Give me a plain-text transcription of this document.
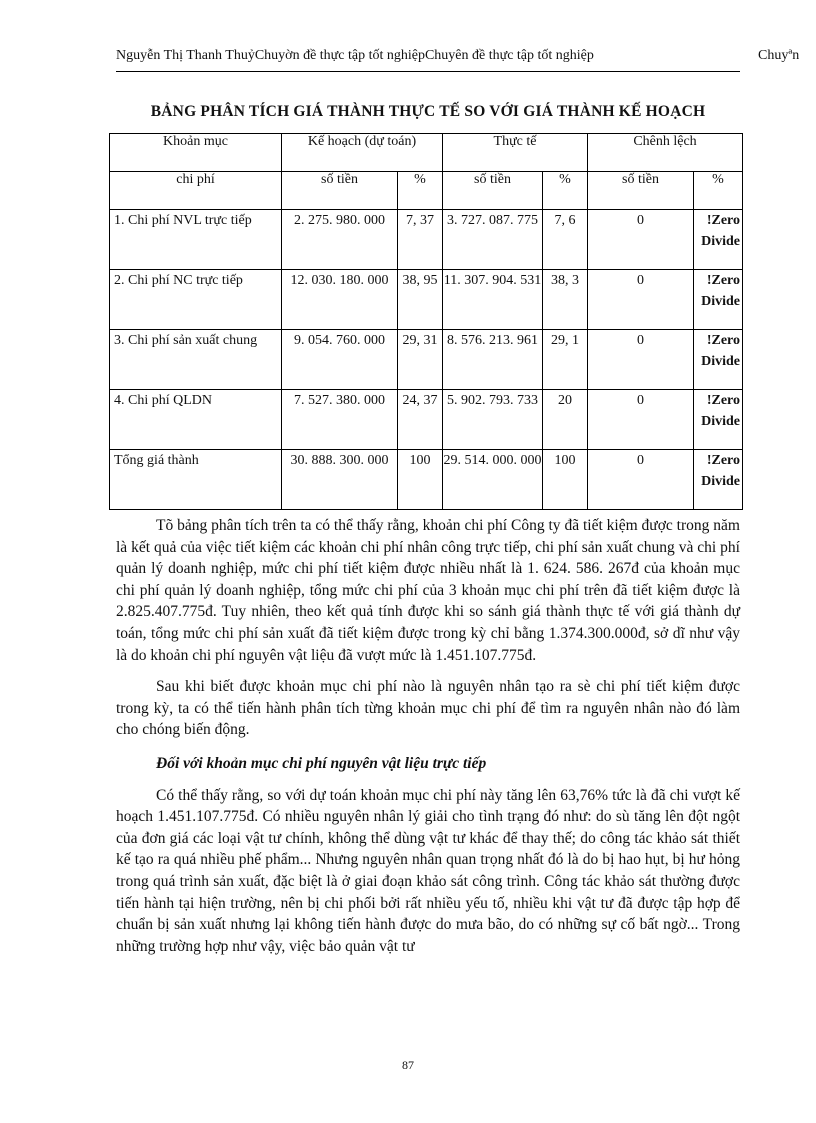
Nguyễn Thị Thanh ThuỷChuyờn đề thực tập tốt nghiệpChuyên đề thực tập tốt nghiệp	Chuyªn
BẢNG PHÂN TÍCH GIÁ THÀNH THỰC TẾ SO VỚI GIÁ THÀNH KẾ HOẠCH
Khoản mục	Kế hoạch (dự toán)		Thực tế		Chênh lệch	
chi phí	số tiền	%	số tiền	%	số tiền	%
1. Chi phí NVL trực tiếp	2. 275. 980. 000	7, 37	3. 727. 087. 775	7, 6	0	!Zero Divide
2. Chi phí NC trực tiếp	12. 030. 180. 000	38, 95	11. 307. 904. 531	38, 3	0	!Zero Divide
3. Chi phí sản xuất chung	9. 054. 760. 000	29, 31	8. 576. 213. 961	29, 1	0	!Zero Divide
4. Chi phí QLDN	7. 527. 380. 000	24, 37	5. 902. 793. 733	20	0	!Zero Divide
Tổng giá thành	30. 888. 300. 000	100	29. 514. 000. 000	100	0	!Zero Divide

Tõ bảng phân tích trên ta có thể thấy rằng, khoản chi phí Công ty đã tiết kiệm được trong năm là kết quả của việc tiết kiệm các khoản chi phí nhân công trực tiếp, chi phí sản xuất chung và chi phí quản lý doanh nghiệp, mức chi phí tiết kiệm được nhiều nhất là 1. 624. 586. 267đ của khoản mục chi phí quản lý doanh nghiệp, tổng mức chi phí của 3 khoản mục chi phí trên đã tiết kiệm được là 2.825.407.775đ. Tuy nhiên, theo kết quả tính được khi so sánh giá thành thực tế với giá thành dự toán, tổng mức chi phí sản xuất đã tiết kiệm được trong kỳ chỉ bằng 1.374.300.000đ, sở dĩ như vậy là do khoản chi phí nguyên vật liệu đã vượt mức là 1.451.107.775đ.

Sau khi biết được khoản mục chi phí nào là nguyên nhân tạo ra sè chi phí tiết kiệm được trong kỳ, ta có thể tiến hành phân tích từng khoản mục chi phí để tìm ra nguyên nhân nào đó làm cho chóng biến động.

Đối với khoản mục chi phí nguyên vật liệu trực tiếp

Có thể thấy rằng, so với dự toán khoản mục chi phí này tăng lên 63,76% tức là đã chi vượt kế hoạch 1.451.107.775đ. Có nhiều nguyên nhân lý giải cho tình trạng đó như: do sù tăng lên đột ngột của đơn giá các loại vật tư chính, không thể dùng vật tư khác để thay thế; do công tác khảo sát thiết kế tạo ra quá nhiều phế phẩm... Nhưng nguyên nhân quan trọng nhất đó là do bị hao hụt, bị hư hỏng trong quá trình sản xuất, đặc biệt là ở giai đoạn khảo sát công trình. Công tác khảo sát thường được tiến hành tại hiện trường, nên bị chi phối bởi rất nhiều yếu tố, nhiều khi vật tư đã được tập hợp để chuẩn bị sản xuất nhưng lại không tiến hành được do mưa bão, do có những sự cố bất ngờ... Trong những trường hợp như vậy, việc bảo quản vật tư

87
